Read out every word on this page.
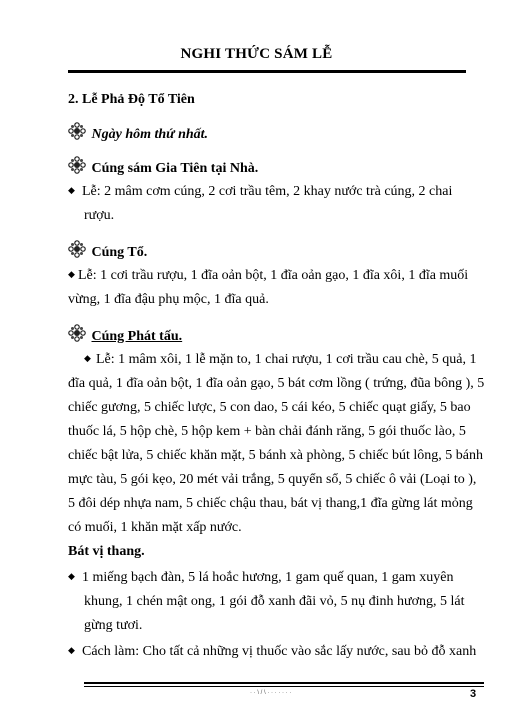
NGHI THỨC SÁM LỄ
2. Lễ Phả Độ Tổ Tiên
Ngày hôm thứ nhất.
Cúng sám Gia Tiên tại Nhà.
◆ Lễ: 2 mâm cơm cúng, 2 cơi trầu têm, 2 khay nước trà cúng, 2 chai
rượu.
Cúng Tổ.
◆ Lễ: 1 cơi trầu rượu, 1 đĩa oản bột, 1 đĩa oản gạo, 1 đĩa xôi, 1 đĩa muối
vừng, 1 đĩa đậu phụ mộc, 1 đĩa quả.
Cúng Phát tấu.
◆ Lễ: 1 mâm xôi, 1 lễ mặn to, 1 chai rượu, 1 cơi trầu cau chè, 5 quả, 1
đĩa quả, 1 đĩa oản bột, 1 đĩa oản gạo, 5 bát cơm lồng ( trứng, đũa bông ), 5
chiếc gương, 5 chiếc lược, 5 con dao, 5 cái kéo, 5 chiếc quạt giấy, 5 bao
thuốc lá, 5 hộp chè, 5 hộp kem + bàn chải đánh răng, 5 gói thuốc lào, 5
chiếc bật lửa, 5 chiếc khăn mặt, 5 bánh xà phòng, 5 chiếc bút lông, 5 bánh
mực tàu, 5 gói kẹo, 20 mét vải trắng, 5 quyển sổ, 5 chiếc ô vải (Loại to ),
5 đôi dép nhựa nam, 5 chiếc chậu thau, bát vị thang,1 đĩa gừng lát mỏng
có muối, 1 khăn mặt xấp nước.
Bát vị thang.
◆ 1 miếng bạch đàn, 5 lá hoắc hương, 1 gam quế quan, 1 gam xuyên
khung, 1 chén mật ong, 1 gói đỗ xanh đãi vỏ, 5 nụ đinh hương, 5 lát
gừng tươi.
◆ Cách làm: Cho tất cả những vị thuốc vào sắc lấy nước, sau bỏ đỗ xanh
· · \ / \ · · · · · · ·	3
